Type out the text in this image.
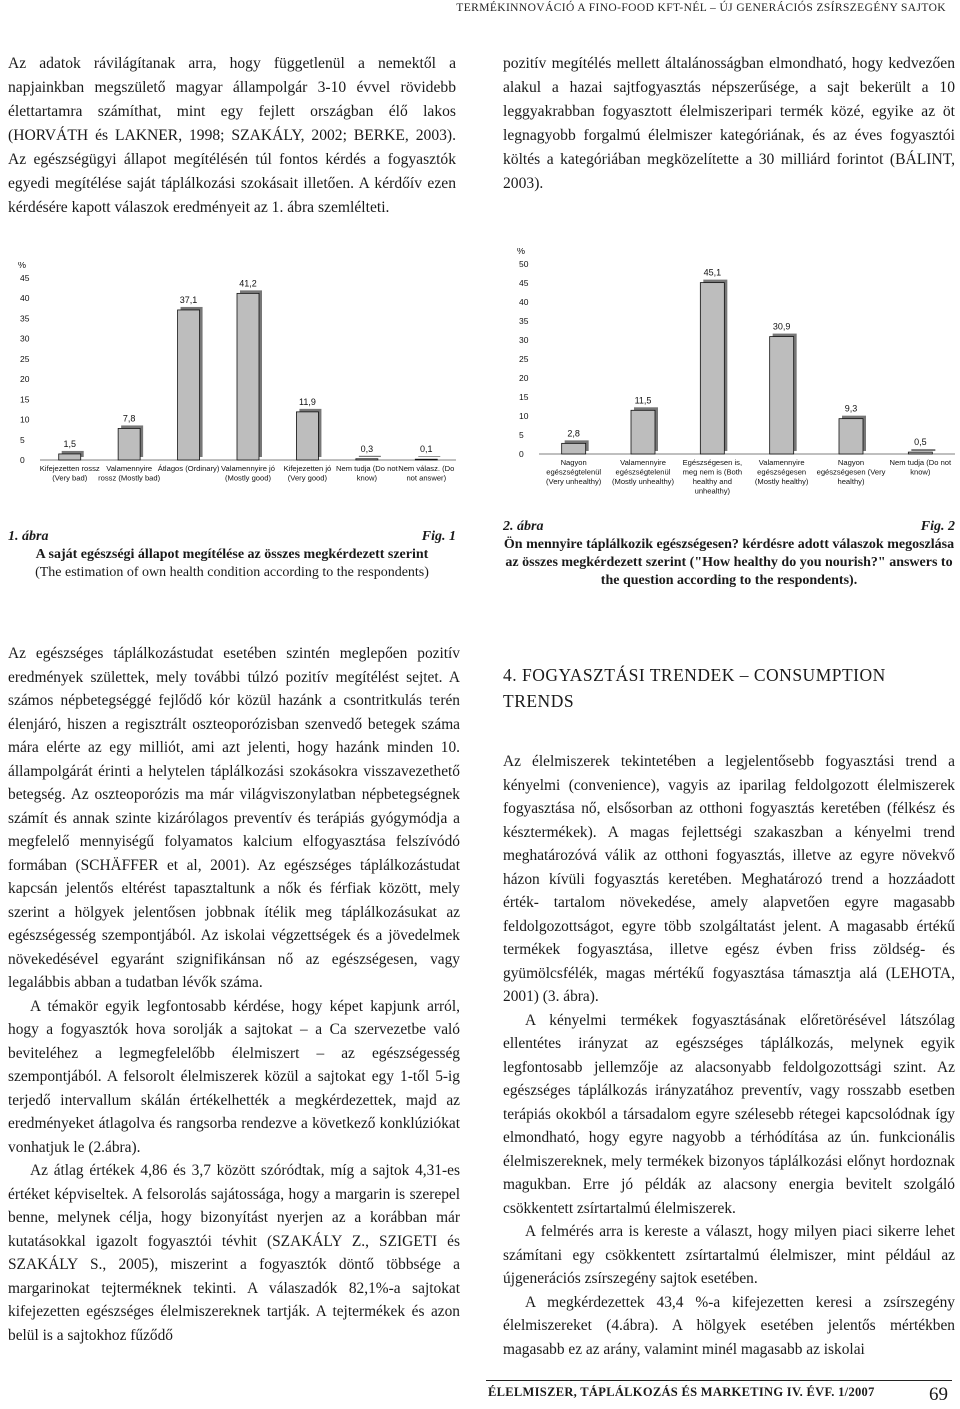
TERMÉKINNOVÁCIÓ A FINO-FOOD KFT-NÉL – ÚJ GENERÁCIÓS ZSÍRSZEGÉNY SAJTOK

Az adatok rávilágítanak arra, hogy függetlenül a nemektől a napjainkban megszülető magyar állampolgár 3-10 évvel rövidebb élettartamra számíthat, mint egy fejlett országban élő lakos (HORVÁTH és LAKNER, 1998; SZAKÁLY, 2002; BERKE, 2003). Az egészségügyi állapot megítélésén túl fontos kérdés a fogyasztók egyedi megítélése saját táplálkozási szokásait illetően. A kérdőív ezen kérdésére kapott válaszok eredményeit az 1. ábra szemlélteti.

pozitív megítélés mellett általánosságban elmondható, hogy kedvezően alakul a hazai sajtfogyasztás népszerűsége, a sajt bekerült a 10 leggyakrabban fogyasztott élelmiszeripari termék közé, egyike az öt legnagyobb forgalmú élelmiszer kategóriának, és az éves fogyasztói költés a kategóriában megközelítette a 30 milliárd forintot (BÁLINT, 2003).

%
0
5
10
15
20
25
30
35
40
45
1,5
Kifejezetten rossz
(Very bad)
7,8
Valamennyire
rossz (Mostly bad)
37,1
Átlagos (Ordinary)
41,2
Valamennyire jó
(Mostly good)
11,9
Kifejezetten jó
(Very good)
0,3
Nem tudja (Do not
know)
0,1
Nem válasz. (Do
not answer)
%
0
5
10
15
20
25
30
35
40
45
50
2,8
Nagyon
egészségtelenül
(Very unhealthy)
11,5
Valamennyire
egészségtelenül
(Mostly unhealthy)
45,1
Egészségesen is,
meg nem is (Both
healthy and
unhealthy)
30,9
Valamennyire
egészségesen
(Mostly healthy)
9,3
Nagyon
egészségesen (Very
healthy)
0,5
Nem tudja (Do not
know)
1. ábra	Fig. 1
A saját egészségi állapot megítélése az összes megkérdezett szerint
(The estimation of own health condition according to the respondents)
2. ábra	Fig. 2
Ön mennyire táplálkozik egészségesen? kérdésre adott válaszok megoszlása az összes megkérdezett szerint ("How healthy do you nourish?" answers to the question according to the respondents).

Az egészséges táplálkozástudat esetében szintén meglepően pozitív eredmények születtek, mely további túlzó pozitív megítélést sejtet. A számos népbetegséggé fejlődő kór közül hazánk a csontritkulás terén élenjáró, hiszen a regisztrált oszteoporózisban szenvedő betegek száma mára elérte az egy milliót, ami azt jelenti, hogy hazánk minden 10. állampolgárát érinti a helytelen táplálkozási szokásokra visszavezethető betegség. Az oszteoporózis ma már világviszonylatban népbetegségnek számít és annak szinte kizárólagos preventív és terápiás gyógymódja a megfelelő mennyiségű folyamatos kalcium elfogyasztása felszívódó formában (SCHÄFFER et al, 2001). Az egészséges táplálkozástudat kapcsán jelentős eltérést tapasztaltunk a nők és férfiak között, mely szerint a hölgyek jelentősen jobbnak ítélik meg táplálkozásukat az egészségesség szempontjából. Az iskolai végzettségek és a jövedelmek növekedésével egyaránt szignifikánsan nő az egészségesen, vagy legalábbis abban a tudatban lévők száma.

A témakör egyik legfontosabb kérdése, hogy képet kapjunk arról, hogy a fogyasztók hova sorolják a sajtokat – a Ca szervezetbe való beviteléhez a legmegfelelőbb élelmiszert – az egészségesség szempontjából. A felsorolt élelmiszerek közül a sajtokat egy 1-től 5-ig terjedő intervallum skálán értékelhették a megkérdezettek, majd az eredményeket átlagolva és rangsorba rendezve a következő konklúziókat vonhatjuk le (2.ábra).

Az átlag értékek 4,86 és 3,7 között szóródtak, míg a sajtok 4,31-es értéket képviseltek. A felsorolás sajátossága, hogy a margarin is szerepel benne, melynek célja, hogy bizonyítást nyerjen az a korábban már kutatásokkal igazolt fogyasztói tévhit (SZAKÁLY Z., SZIGETI és SZAKÁLY S., 2005), miszerint a fogyasztók döntő többsége a margarinokat tejterméknek tekinti. A válaszadók 82,1%-a sajtokat kifejezetten egészséges élelmiszereknek tartják. A tejtermékek és azon belül is a sajtokhoz fűződő

4. FOGYASZTÁSI TRENDEK – CONSUMPTION TRENDS

Az élelmiszerek tekintetében a legjelentősebb fogyasztási trend a kényelmi (convenience), vagyis az iparilag feldolgozott élelmiszerek fogyasztása nő, elsősorban az otthoni fogyasztás keretében (félkész és késztermékek). A magas fejlettségi szakaszban a kényelmi trend meghatározóvá válik az otthoni fogyasztás, illetve az egyre növekvő házon kívüli fogyasztás keretében. Meghatározó trend a hozzáadott érték- tartalom növekedése, amely alapvetően egyre magasabb feldolgozottságot, egyre több szolgáltatást jelent. A magasabb értékű termékek fogyasztása, illetve egész évben friss zöldség- és gyümölcsfélék, magas mértékű fogyasztása támasztja alá (LEHOTA, 2001) (3. ábra).

A kényelmi termékek fogyasztásának előretörésével látszólag ellentétes irányzat az egészséges táplálkozás, melynek egyik legfontosabb jellemzője az alacsonyabb feldolgozottsági szint. Az egészséges táplálkozás irányzatához preventív, vagy rosszabb esetben terápiás okokból a társadalom egyre szélesebb rétegei kapcsolódnak így elmondható, hogy egyre nagyobb a térhódítása az ún. funkcionális élelmiszereknek, mely termékek bizonyos táplálkozási előnyt hordoznak magukban. Erre jó példák az alacsony energia bevitelt szolgáló csökkentett zsírtartalmú élelmiszerek.

A felmérés arra is kereste a választ, hogy milyen piaci sikerre lehet számítani egy csökkentett zsírtartalmú élelmiszer, mint például az újgenerációs zsírszegény sajtok esetében.

A megkérdezettek 43,4 %-a kifejezetten keresi a zsírszegény élelmiszereket (4.ábra). A hölgyek esetében jelentős mértékben magasabb ez az arány, valamint minél magasabb az iskolai

ÉLELMISZER, TÁPLÁLKOZÁS ÉS MARKETING IV. ÉVF. 1/2007	69
